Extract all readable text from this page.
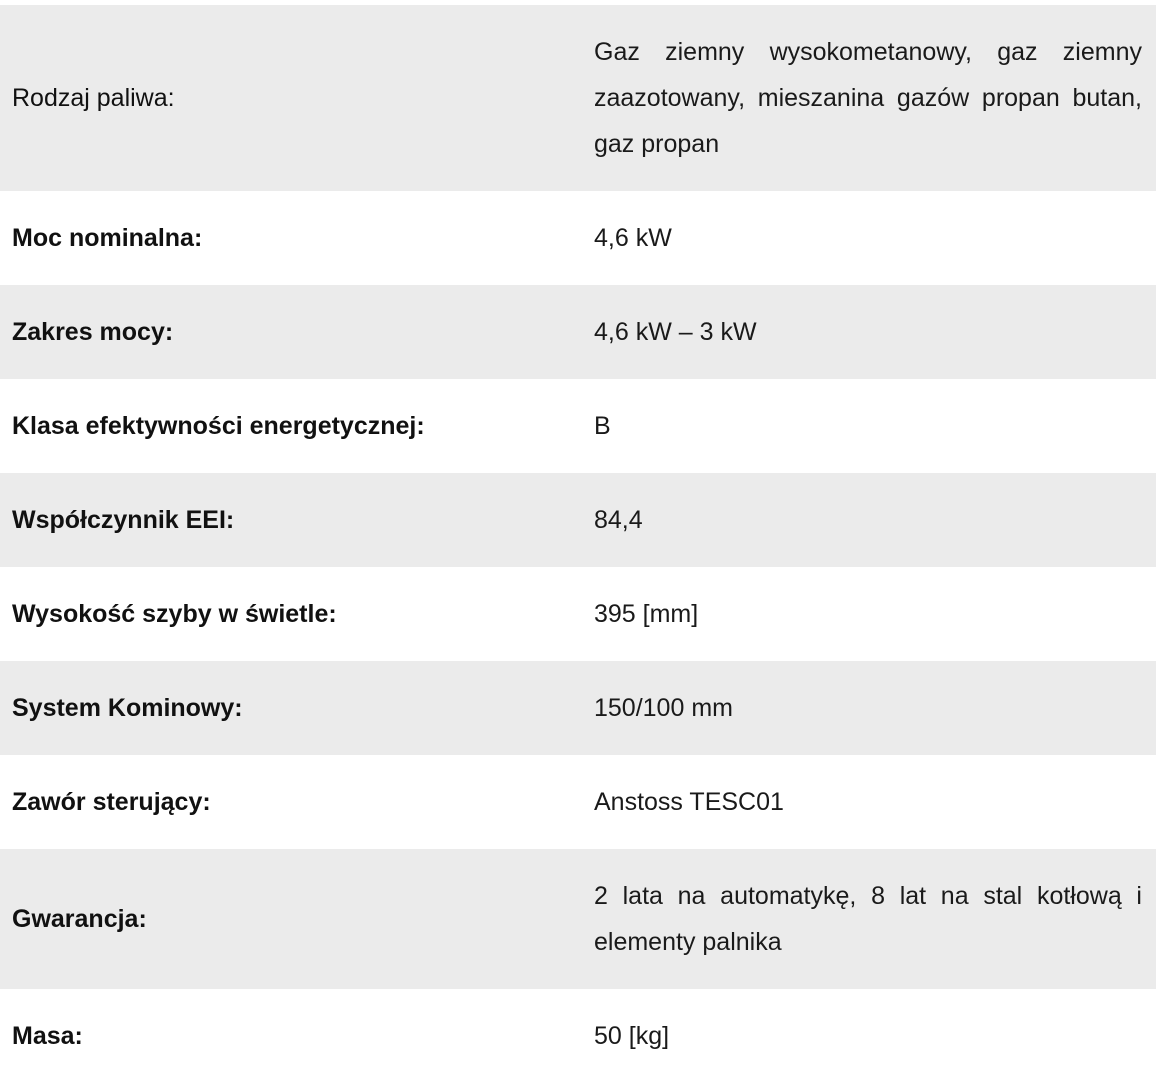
Rodzaj paliwa:
Gaz ziemny wysokometanowy, gaz ziemny zaazotowany, mieszanina gazów propan butan, gaz propan
Moc nominalna:	4,6 kW
Zakres mocy:	4,6 kW – 3 kW
Klasa efektywności energetycznej:	B
Współczynnik EEI:	84,4
Wysokość szyby w świetle:	395 [mm]
System Kominowy:	150/100 mm
Zawór sterujący:	Anstoss TESC01
Gwarancja:
2 lata na automatykę, 8 lat na stal kotłową i elementy palnika
Masa:	50 [kg]
